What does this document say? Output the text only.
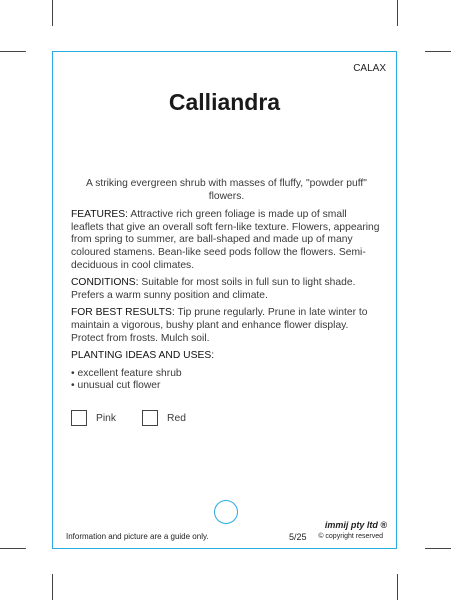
CALAX
Calliandra

A striking evergreen shrub with masses of fluffy, "powder puff" flowers.

FEATURES: Attractive rich green foliage is made up of small leaflets that give an overall soft fern-like texture. Flowers, appearing from spring to summer, are ball-shaped and made up of many coloured stamens. Bean-like seed pods follow the flowers. Semi-deciduous in cool climates.

CONDITIONS: Suitable for most soils in full sun to light shade. Prefers a warm sunny position and climate.

FOR BEST RESULTS: Tip prune regularly. Prune in late winter to maintain a vigorous, bushy plant and enhance flower display. Protect from frosts. Mulch soil.

PLANTING IDEAS AND USES:

• excellent feature shrub
• unusual cut flower
Pink	Red
Information and picture are a guide only.
immij pty ltd ®
5/25 © copyright reserved
